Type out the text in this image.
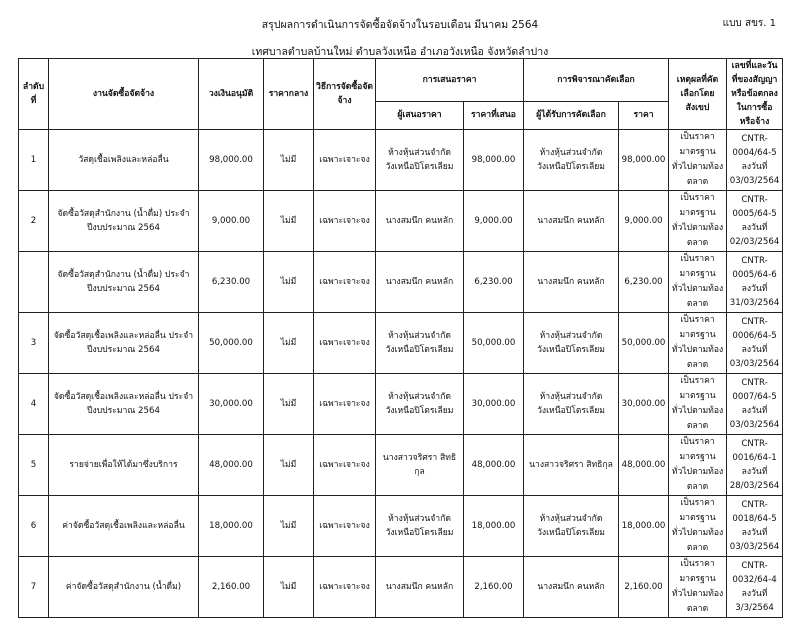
สรุปผลการดำเนินการจัดซื้อจัดจ้างในรอบเดือน มีนาคม 2564
เทศบาลตำบลบ้านใหม่ ตำบลวังเหนือ อำเภอวังเหนือ จังหวัดลำปาง
แบบ สขร. 1
ลำดับที่	งานจัดซื้อจัดจ้าง	วงเงินอนุมัติ	ราคากลาง	วิธีการจัดซื้อจัดจ้าง	การเสนอราคา		การพิจารณาคัดเลือก		เหตุผลที่คัดเลือกโดยสังเขป	เลขที่และวันที่ของสัญญาหรือข้อตกลงในการซื้อหรือจ้าง
					ผู้เสนอราคา	ราคาที่เสนอ	ผู้ได้รับการคัดเลือก	ราคา		
1	วัสดุเชื้อเพลิงและหล่อลื่น	98,000.00	ไม่มี	เฉพาะเจาะจง	ห้างหุ้นส่วนจำกัด วังเหนือปิโตรเลียม	98,000.00	ห้างหุ้นส่วนจำกัด วังเหนือปิโตรเลียม	98,000.00	เป็นราคามาตรฐานทั่วไปตามท้องตลาด	CNTR-0004/64-5 ลงวันที่ 03/03/2564
2	จัดซื้อวัสดุสำนักงาน (น้ำดื่ม) ประจำปีงบประมาณ 2564	9,000.00	ไม่มี	เฉพาะเจาะจง	นางสมนึก คนหลัก	9,000.00	นางสมนึก คนหลัก	9,000.00	เป็นราคามาตรฐานทั่วไปตามท้องตลาด	CNTR-0005/64-5 ลงวันที่ 02/03/2564
	จัดซื้อวัสดุสำนักงาน (น้ำดื่ม) ประจำปีงบประมาณ 2564	6,230.00	ไม่มี	เฉพาะเจาะจง	นางสมนึก คนหลัก	6,230.00	นางสมนึก คนหลัก	6,230.00	เป็นราคามาตรฐานทั่วไปตามท้องตลาด	CNTR-0005/64-6 ลงวันที่ 31/03/2564
3	จัดซื้อวัสดุเชื้อเพลิงและหล่อลื่น ประจำปีงบประมาณ 2564	50,000.00	ไม่มี	เฉพาะเจาะจง	ห้างหุ้นส่วนจำกัด วังเหนือปิโตรเลียม	50,000.00	ห้างหุ้นส่วนจำกัด วังเหนือปิโตรเลียม	50,000.00	เป็นราคามาตรฐานทั่วไปตามท้องตลาด	CNTR-0006/64-5 ลงวันที่ 03/03/2564
4	จัดซื้อวัสดุเชื้อเพลิงและหล่อลื่น ประจำปีงบประมาณ 2564	30,000.00	ไม่มี	เฉพาะเจาะจง	ห้างหุ้นส่วนจำกัด วังเหนือปิโตรเลียม	30,000.00	ห้างหุ้นส่วนจำกัด วังเหนือปิโตรเลียม	30,000.00	เป็นราคามาตรฐานทั่วไปตามท้องตลาด	CNTR-0007/64-5 ลงวันที่ 03/03/2564
5	รายจ่ายเพื่อให้ได้มาซึ่งบริการ	48,000.00	ไม่มี	เฉพาะเจาะจง	นางสาวจริศรา สิทธิกุล	48,000.00	นางสาวจริศรา สิทธิกุล	48,000.00	เป็นราคามาตรฐานทั่วไปตามท้องตลาด	CNTR-0016/64-1 ลงวันที่ 28/03/2564
6	ค่าจัดซื้อวัสดุเชื้อเพลิงและหล่อลื่น	18,000.00	ไม่มี	เฉพาะเจาะจง	ห้างหุ้นส่วนจำกัด วังเหนือปิโตรเลียม	18,000.00	ห้างหุ้นส่วนจำกัด วังเหนือปิโตรเลียม	18,000.00	เป็นราคามาตรฐานทั่วไปตามท้องตลาด	CNTR-0018/64-5 ลงวันที่ 03/03/2564
7	ค่าจัดซื้อวัสดุสำนักงาน (น้ำดื่ม)	2,160.00	ไม่มี	เฉพาะเจาะจง	นางสมนึก คนหลัก	2,160.00	นางสมนึก คนหลัก	2,160.00	เป็นราคามาตรฐานทั่วไปตามท้องตลาด	CNTR-0032/64-4 ลงวันที่ 3/3/2564
